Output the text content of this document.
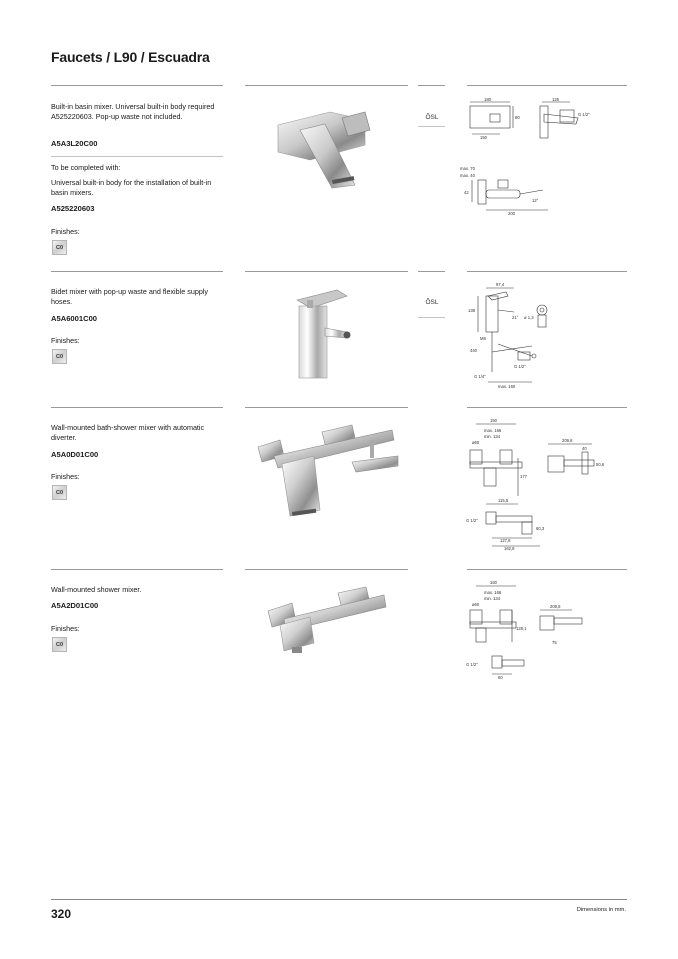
Faucets / L90 / Escuadra
Built-in basin mixer. Universal built-in body required A525220603. Pop-up waste not included.
A5A3L20C00
To be completed with:
Universal built-in body for the installation of built-in basin mixers.
A525220603
Finishes:
C0
ÕSL
180
80
150
125
G 1/2"
max. 70
max. 40
42
12°
200
Bidet mixer with pop-up waste and flexible supply hoses.
A5A6001C00
Finishes:
C0
ÕSL
97,4
138
21° ø 1,3
M8
440
G 1/2"
G 1/4"
max. 160
Wall-mounted bath-shower mixer with automatic diverter.
A5A0D01C00
Finishes:
C0
150
max. 166
min. 134
ø60
177
209,8
40
50,6
115,5
G 1/2"
60,3
127,8
162,8
Wall-mounted shower mixer.
A5A2D01C00
Finishes:
C0
150
max. 166
min. 134
ø60
128,1
209,8
75
G 1/2"
60
320	Dimensions in mm.
